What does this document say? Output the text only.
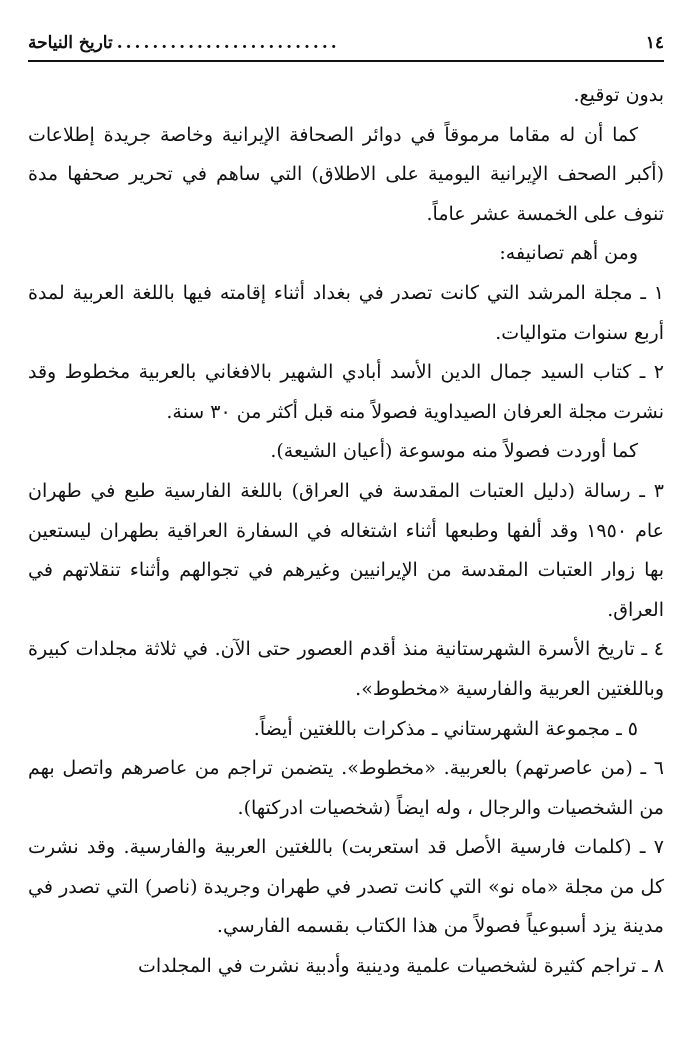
١٤
.........................
تاريخ النياحة

بدون توقيع.

كما أن له مقاما مرموقاً في دوائر الصحافة الإيرانية وخاصة جريدة إطلاعات (أكبر الصحف الإيرانية اليومية على الاطلاق) التي ساهم في تحرير صحفها مدة تنوف على الخمسة عشر عاماً.

ومن أهم تصانيفه:

١ ـ مجلة المرشد التي كانت تصدر في بغداد أثناء إقامته فيها باللغة العربية لمدة أربع سنوات متواليات.

٢ ـ كتاب السيد جمال الدين الأسد أبادي الشهير بالافغاني بالعربية مخطوط وقد نشرت مجلة العرفان الصيداوية فصولاً منه قبل أكثر من ٣٠ سنة.

كما أوردت فصولاً منه موسوعة (أعيان الشيعة).

٣ ـ رسالة (دليل العتبات المقدسة في العراق) باللغة الفارسية طبع في طهران عام ١٩٥٠ وقد ألفها وطبعها أثناء اشتغاله في السفارة العراقية بطهران ليستعين بها زوار العتبات المقدسة من الإيرانيين وغيرهم في تجوالهم وأثناء تنقلاتهم في العراق.

٤ ـ تاريخ الأسرة الشهرستانية منذ أقدم العصور حتى الآن. في ثلاثة مجلدات كبيرة وباللغتين العربية والفارسية «مخطوط».

٥ ـ مجموعة الشهرستاني ـ مذكرات باللغتين أيضاً.

٦ ـ (من عاصرتهم) بالعربية. «مخطوط». يتضمن تراجم من عاصرهم واتصل بهم من الشخصيات والرجال ، وله ايضاً (شخصيات ادركتها).

٧ ـ (كلمات فارسية الأصل قد استعربت) باللغتين العربية والفارسية. وقد نشرت كل من مجلة «ماه نو» التي كانت تصدر في طهران وجريدة (ناصر) التي تصدر في مدينة يزد أسبوعياً فصولاً من هذا الكتاب بقسمه الفارسي.

٨ ـ تراجم كثيرة لشخصيات علمية ودينية وأدبية نشرت في المجلدات
